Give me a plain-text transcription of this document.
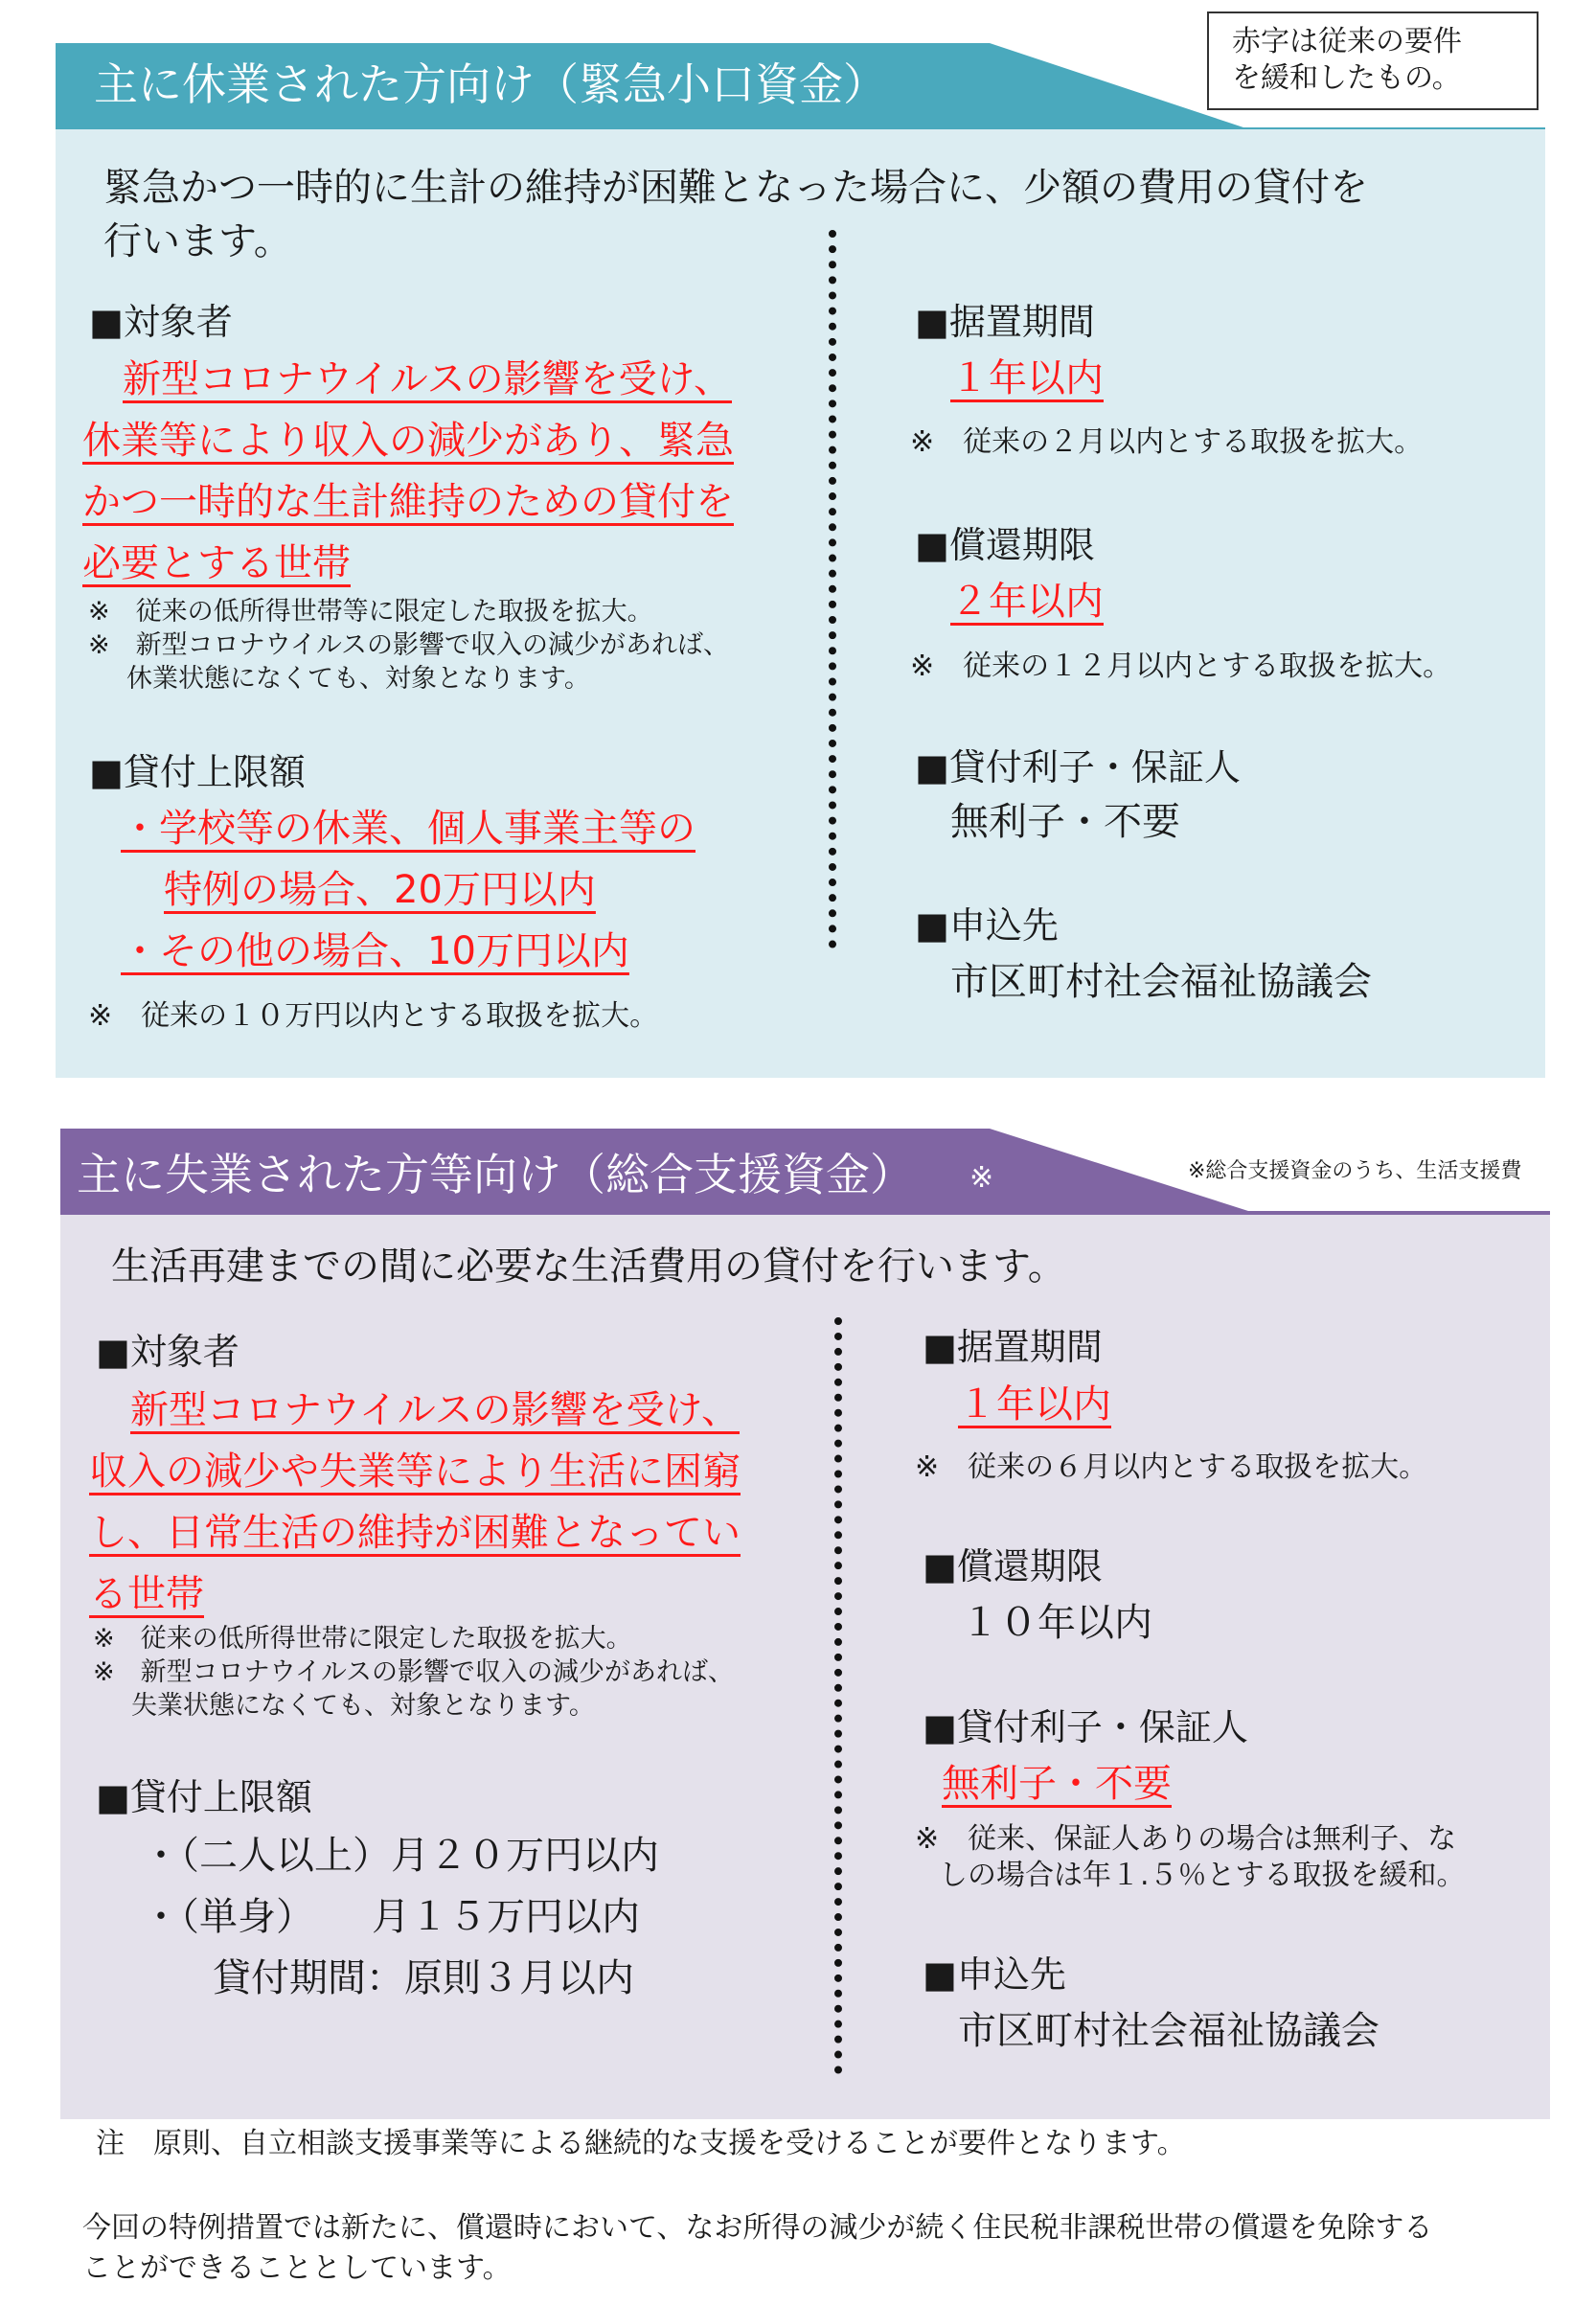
赤字は従来の要件
を緩和したもの。
主に休業された方向け（緊急小口資金）
緊急かつ一時的に生計の維持が困難となった場合に、少額の費用の貸付を
行います。
■対象者
新型コロナウイルスの影響を受け、
休業等により収入の減少があり、緊急
かつ一時的な生計維持のための貸付を
必要とする世帯
※　従来の低所得世帯等に限定した取扱を拡大。
※　新型コロナウイルスの影響で収入の減少があれば、
休業状態になくても、対象となります。
■貸付上限額
・学校等の休業、個人事業主等の
特例の場合、20万円以内
・その他の場合、10万円以内
※　従来の１０万円以内とする取扱を拡大。
■据置期間
１年以内
※　従来の２月以内とする取扱を拡大。
■償還期限
２年以内
※　従来の１２月以内とする取扱を拡大。
■貸付利子・保証人
無利子・不要
■申込先
市区町村社会福祉協議会
主に失業された方等向け（総合支援資金） ※	※総合支援資金のうち、生活支援費
生活再建までの間に必要な生活費用の貸付を行います。
■対象者
新型コロナウイルスの影響を受け、
収入の減少や失業等により生活に困窮
し、日常生活の維持が困難となってい
る世帯
※　従来の低所得世帯に限定した取扱を拡大。
※　新型コロナウイルスの影響で収入の減少があれば、
失業状態になくても、対象となります。
■貸付上限額
・（二人以上）月２０万円以内
・（単身）　　月１５万円以内
貸付期間：原則３月以内
■据置期間
１年以内
※　従来の６月以内とする取扱を拡大。
■償還期限
１０年以内
■貸付利子・保証人
無利子・不要
※　従来、保証人ありの場合は無利子、な
しの場合は年１.５％とする取扱を緩和。
■申込先
市区町村社会福祉協議会
注　原則、自立相談支援事業等による継続的な支援を受けることが要件となります。
今回の特例措置では新たに、償還時において、なお所得の減少が続く住民税非課税世帯の償還を免除する
ことができることとしています。
